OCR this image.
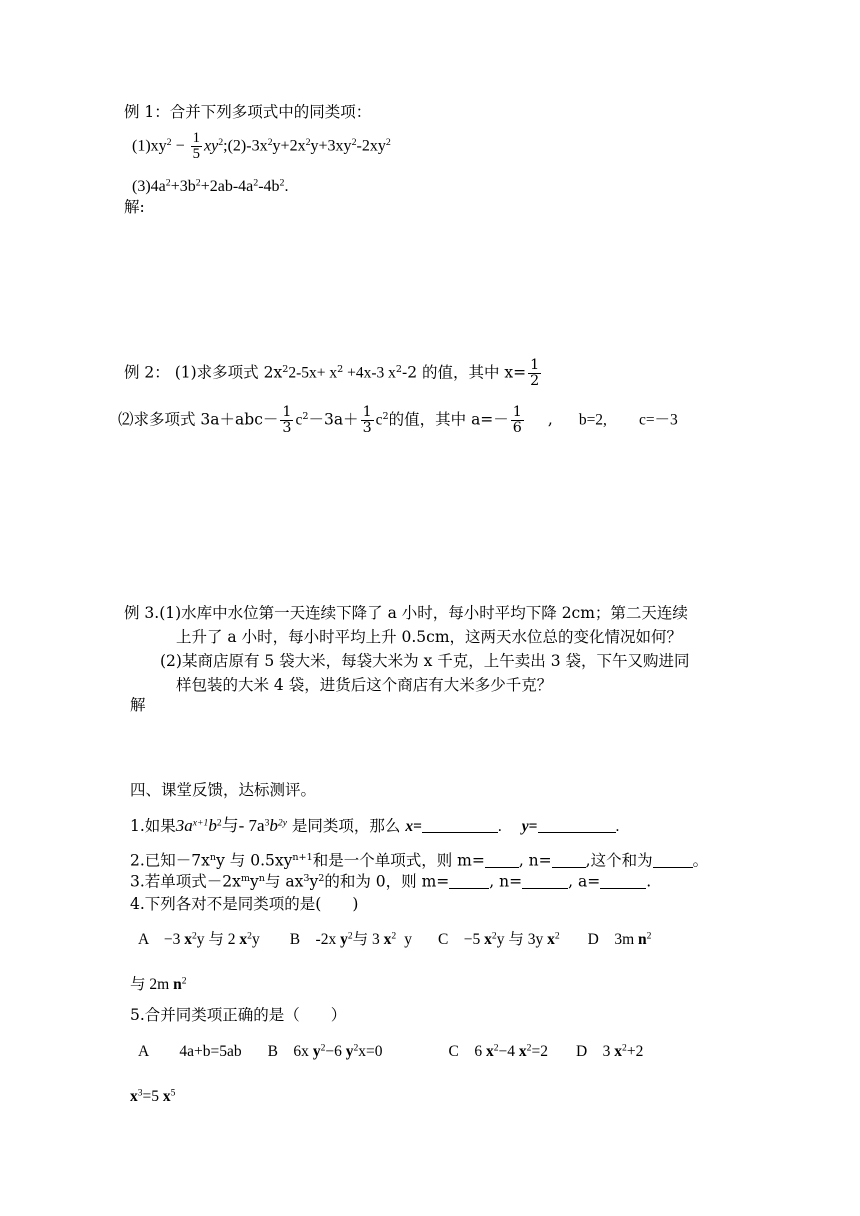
例 1：合并下列多项式中的同类项：
$(1)xy^2 - \frac{1}{5}$ $xy^2;(2)-3x^2y+2x^2y+3xy^2-2xy^2$
$(3)4a^2+3b^2+2ab-4a^2-4b^2$.
解:
例 2： (1)求多项式 $2x^22-5x+ x^2 +4x-3$ $x^2-2$ 的值，其中 $x= \frac{1}{2}$
⑵求多项式 $3a+abc- \frac{1}{3} c^2-3a+ \frac{1}{3} c^2$的值，其中 $a=- \frac{1}{6}$ , b=2, c=－3
例 3.(1)水库中水位第一天连续下降了 a 小时，每小时平均下降 2cm；第二天连续
上升了 a 小时，每小时平均上升 0.5cm，这两天水位总的变化情况如何？
(2)某商店原有 5 袋大米，每袋大米为 x 千克，上午卖出 3 袋，下午又购进同
样包装的大米 4 袋，进货后这个商店有大米多少千克？
解
四、课堂反馈，达标测评。
1.如果$3a^{x+1}b^2$与- $7a^3b^{2y}$ 是同类项，那么 x=	. y=	.
2.已知$-7x^ny$ 与 $0.5xy^{n+1}$和是一个单项式，则 m= , n= ,这个和为	。
3.若单项式$-2x^my^n$与 $ax^3y^2$的和为 0，则 m=	, n=	, a=	.
4.下列各对不是同类项的是(　　)
A　−3 $x^2y$ 与 2 $x^2y$ B　-2x $y^2$与 3 $x^2$ y C　−5 $x^2y$ 与 3y $x^2$ D　3m $n^2$
与 2m $n^2$
5.合并同类项正确的是（　　）
A　　4a+b=5ab B　6x $y^2-6$ $y^2x=0$	C　6 $x^2-4$ $x^2=2$ D　3 $x^2+2$
$x^3=5$ $x^5$
